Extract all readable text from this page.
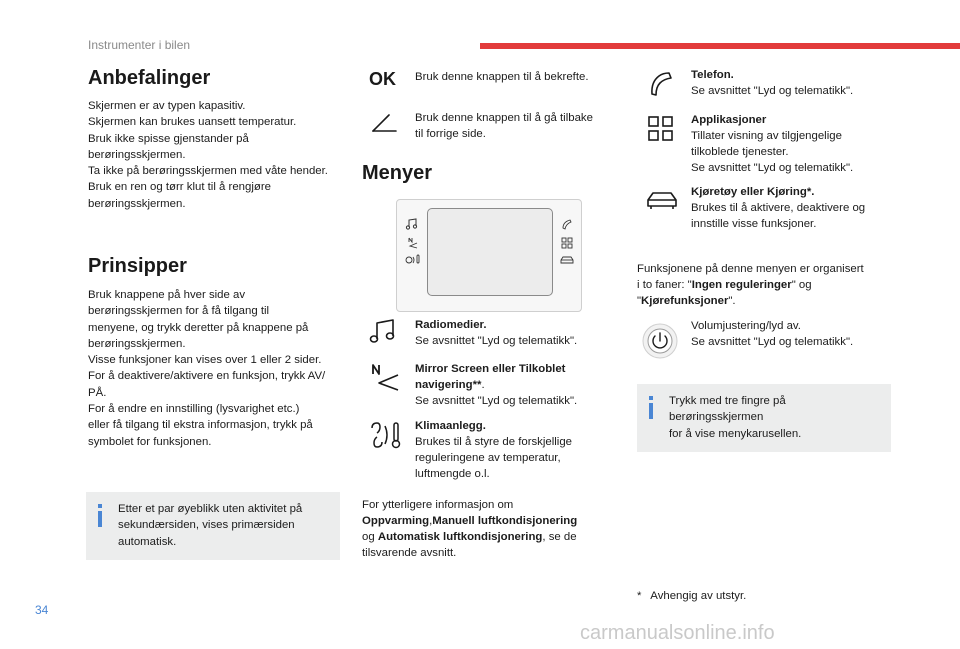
Instrumenter i bilen
Anbefalinger
Skjermen er av typen kapasitiv.
Skjermen kan brukes uansett temperatur.
Bruk ikke spisse gjenstander på
berøringsskjermen.
Ta ikke på berøringsskjermen med våte hender.
Bruk en ren og tørr klut til å rengjøre
berøringsskjermen.
Prinsipper
Bruk knappene på hver side av
berøringsskjermen for å få tilgang til
menyene, og trykk deretter på knappene på
berøringsskjermen.
Visse funksjoner kan vises over 1 eller 2 sider.
For å deaktivere/aktivere en funksjon, trykk AV/
PÅ.
For å endre en innstilling (lysvarighet etc.)
eller få tilgang til ekstra informasjon, trykk på
symbolet for funksjonen.
Etter et par øyeblikk uten aktivitet på
sekundærsiden, vises primærsiden
automatisk.
OK Bruk denne knappen til å bekrefte.
Bruk denne knappen til å gå tilbake
til forrige side.
Menyer
Radiomedier.
Se avsnittet "Lyd og telematikk".
Mirror Screen eller Tilkoblet
navigering**.
Se avsnittet "Lyd og telematikk".
Klimaanlegg.
Brukes til å styre de forskjellige
reguleringene av temperatur,
luftmengde o.l.
For ytterligere informasjon om
Oppvarming,Manuell luftkondisjonering
og Automatisk luftkondisjonering, se de
tilsvarende avsnitt.
Telefon.
Se avsnittet "Lyd og telematikk".
Applikasjoner
Tillater visning av tilgjengelige
tilkoblede tjenester.
Se avsnittet "Lyd og telematikk".
Kjøretøy eller Kjøring*.
Brukes til å aktivere, deaktivere og
innstille visse funksjoner.
Funksjonene på denne menyen er organisert
i to faner: "Ingen reguleringer" og
"Kjørefunksjoner".
Volumjustering/lyd av.
Se avsnittet "Lyd og telematikk".
Trykk med tre fingre på berøringsskjermen
for å vise menykarusellen.
*   Avhengig av utstyr.
34
carmanualsonline.info
